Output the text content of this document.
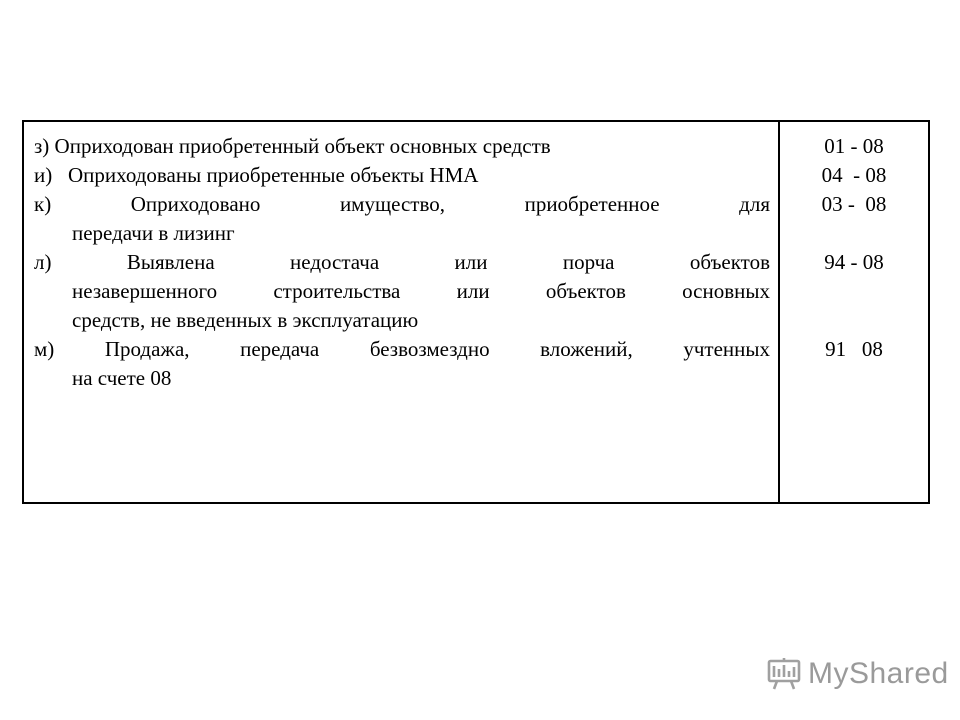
з) Оприходован приобретенный объект основных средств
и)   Оприходованы приобретенные объекты НМА
к) Оприходовано имущество, приобретенное для
передачи в лизинг
л) Выявлена недостача или порча объектов
незавершенного строительства или объектов основных
средств, не введенных в эксплуатацию
м) Продажа, передача безвозмездно вложений, учтенных
на счете 08
01 - 08
04  - 08
03 -  08

94 - 08

91   08
MyShared
